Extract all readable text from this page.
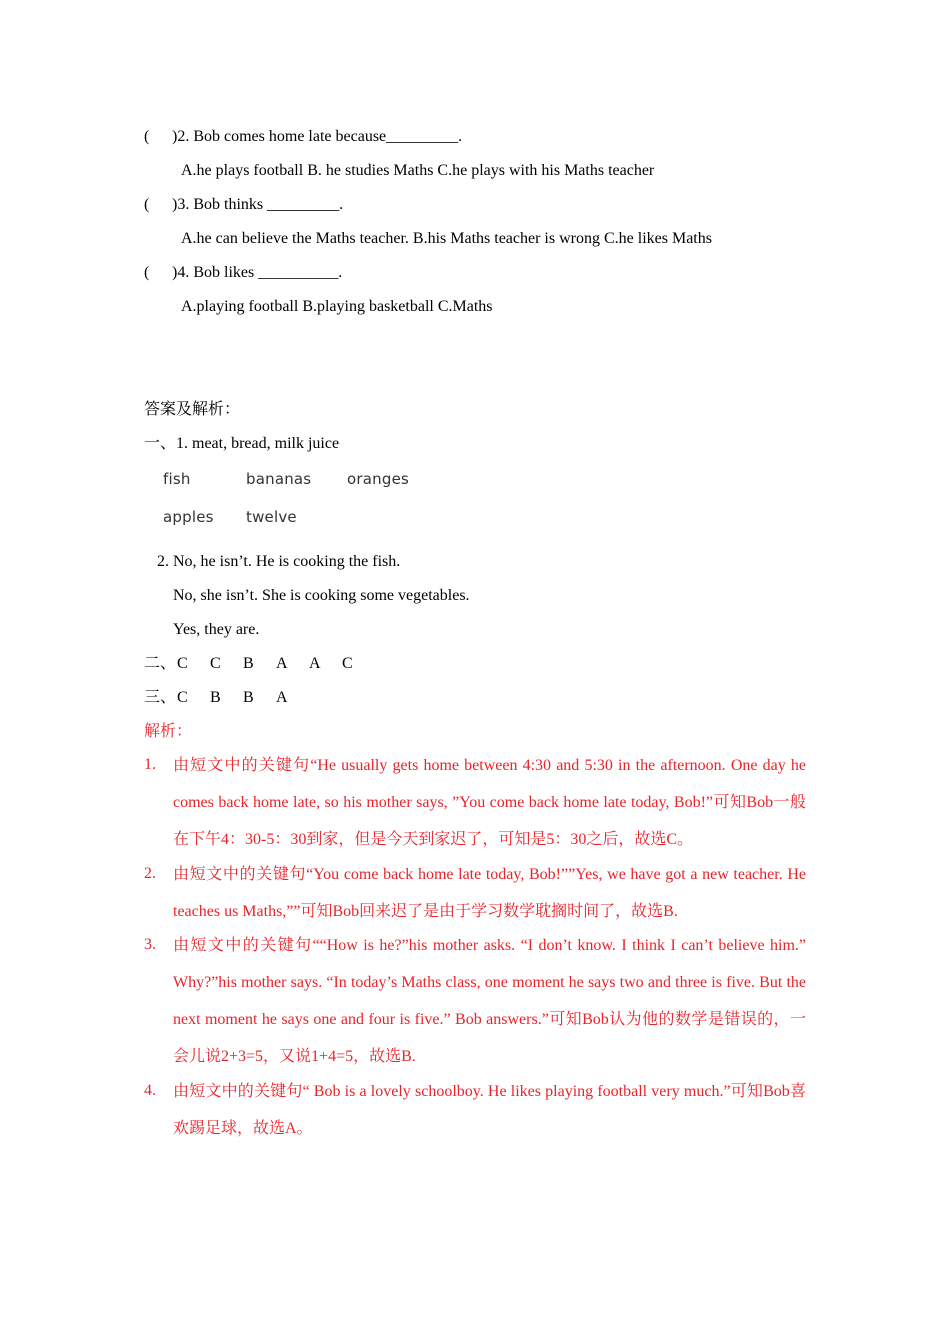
( )2. Bob comes home late because_________.
A.he plays football B. he studies Maths C.he plays with his Maths teacher
( )3. Bob thinks _________.
A.he can believe the Maths teacher. B.his Maths teacher is wrong C.he likes Maths
( )4. Bob likes __________.
A.playing football B.playing basketball C.Maths
答案及解析：
一、1. meat, bread, milk juice
fish	bananas oranges
apples twelve
2. No, he isn’t. He is cooking the fish.
No, she isn’t. She is cooking some vegetables.
Yes, they are.
二、C C B A A C
三、C B B A
解析：
1. 由短文中的关键句“He usually gets home between 4:30 and 5:30 in the afternoon. One day he comes back home late, so his mother says, ”You come back home late today, Bob!”可知Bob一般在下午4：30-5：30到家，但是今天到家迟了，可知是5：30之后，故选C。
2. 由短文中的关键句“You come back home late today, Bob!””Yes, we have got a new teacher. He teaches us Maths,””可知Bob回来迟了是由于学习数学耽搁时间了，故选B.
3. 由短文中的关键句““How is he?”his mother asks. “I don’t know. I think I can’t believe him.” Why?”his mother says. “In today’s Maths class, one moment he says two and three is five. But the next moment he says one and four is five.” Bob answers.”可知Bob认为他的数学是错误的，一会儿说2+3=5，又说1+4=5，故选B.
4. 由短文中的关键句“ Bob is a lovely schoolboy. He likes playing football very much.”可知Bob喜欢踢足球，故选A。
